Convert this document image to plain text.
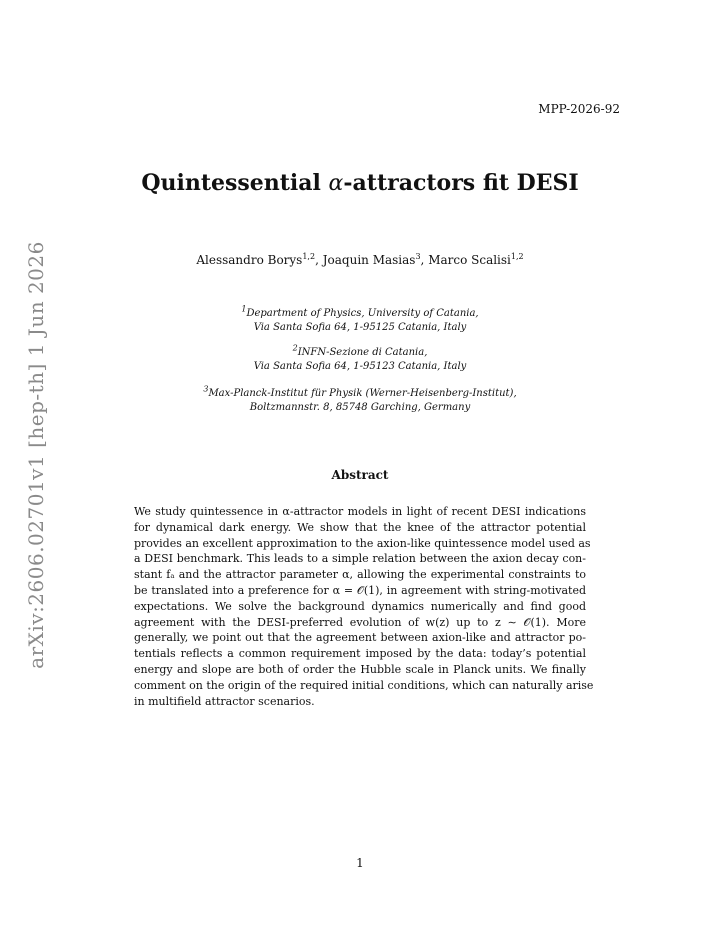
MPP-2026-92
arXiv:2606.02701v1 [hep-th] 1 Jun 2026
Quintessential α-attractors fit DESI
Alessandro Borys$^{1,2}$, Joaquin Masias$^3$, Marco Scalisi$^{1,2}$
$^1$Department of Physics, University of Catania,
Via Santa Sofia 64, 1-95125 Catania, Italy
$^2$INFN-Sezione di Catania,
Via Santa Sofia 64, 1-95123 Catania, Italy
$^3$Max-Planck-Institut für Physik (Werner-Heisenberg-Institut),
Boltzmannstr. 8, 85748 Garching, Germany
Abstract
We study quintessence in α-attractor models in light of recent DESI indications
for dynamical dark energy. We show that the knee of the attractor potential
provides an excellent approximation to the axion-like quintessence model used as
a DESI benchmark. This leads to a simple relation between the axion decay con-
stant fₐ and the attractor parameter α, allowing the experimental constraints to
be translated into a preference for α = 𝒪(1), in agreement with string-motivated
expectations. We solve the background dynamics numerically and find good
agreement with the DESI-preferred evolution of w(z) up to z ∼ 𝒪(1). More
generally, we point out that the agreement between axion-like and attractor po-
tentials reflects a common requirement imposed by the data: today’s potential
energy and slope are both of order the Hubble scale in Planck units. We finally
comment on the origin of the required initial conditions, which can naturally arise
in multifield attractor scenarios.
1
